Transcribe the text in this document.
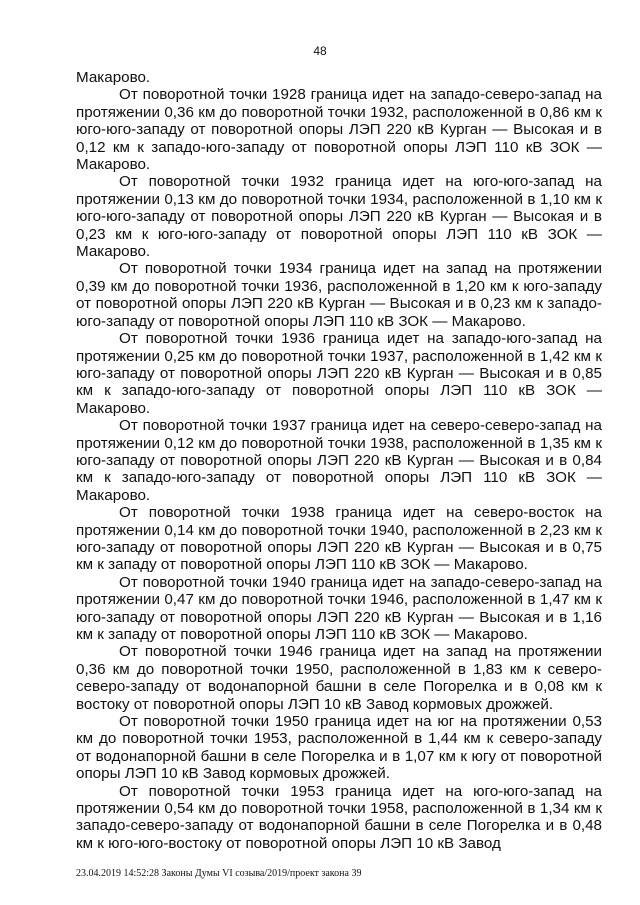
48

Макарово.

От поворотной точки 1928 граница идет на западо-северо-запад на протяжении 0,36 км до поворотной точки 1932, расположенной в 0,86 км к юго-юго-западу от поворотной опоры ЛЭП 220 кВ Курган — Высокая и в 0,12 км к западо-юго-западу от поворотной опоры ЛЭП 110 кВ ЗОК — Макарово.

От поворотной точки 1932 граница идет на юго-юго-запад на протяжении 0,13 км до поворотной точки 1934, расположенной в 1,10 км к юго-юго-западу от поворотной опоры ЛЭП 220 кВ Курган — Высокая и в 0,23 км к юго-юго-западу от поворотной опоры ЛЭП 110 кВ ЗОК — Макарово.

От поворотной точки 1934 граница идет на запад на протяжении 0,39 км до поворотной точки 1936, расположенной в 1,20 км к юго-западу от поворотной опоры ЛЭП 220 кВ Курган — Высокая и в 0,23 км к западо-юго-западу от поворотной опоры ЛЭП 110 кВ ЗОК — Макарово.

От поворотной точки 1936 граница идет на западо-юго-запад на протяжении 0,25 км до поворотной точки 1937, расположенной в 1,42 км к юго-западу от поворотной опоры ЛЭП 220 кВ Курган — Высокая и в 0,85 км к западо-юго-западу от поворотной опоры ЛЭП 110 кВ ЗОК — Макарово.

От поворотной точки 1937 граница идет на северо-северо-запад на протяжении 0,12 км до поворотной точки 1938, расположенной в 1,35 км к юго-западу от поворотной опоры ЛЭП 220 кВ Курган — Высокая и в 0,84 км к западо-юго-западу от поворотной опоры ЛЭП 110 кВ ЗОК — Макарово.

От поворотной точки 1938 граница идет на северо-восток на протяжении 0,14 км до поворотной точки 1940, расположенной в 2,23 км к юго-западу от поворотной опоры ЛЭП 220 кВ Курган — Высокая и в 0,75 км к западу от поворотной опоры ЛЭП 110 кВ ЗОК — Макарово.

От поворотной точки 1940 граница идет на западо-северо-запад на протяжении 0,47 км до поворотной точки 1946, расположенной в 1,47 км к юго-западу от поворотной опоры ЛЭП 220 кВ Курган — Высокая и в 1,16 км к западу от поворотной опоры ЛЭП 110 кВ ЗОК — Макарово.

От поворотной точки 1946 граница идет на запад на протяжении 0,36 км до поворотной точки 1950, расположенной в 1,83 км к северо-северо-западу от водонапорной башни в селе Погорелка и в 0,08 км к востоку от поворотной опоры ЛЭП 10 кВ Завод кормовых дрожжей.

От поворотной точки 1950 граница идет на юг на протяжении 0,53 км до поворотной точки 1953, расположенной в 1,44 км к северо-западу от водонапорной башни в селе Погорелка и в 1,07 км к югу от поворотной опоры ЛЭП 10 кВ Завод кормовых дрожжей.

От поворотной точки 1953 граница идет на юго-юго-запад на протяжении 0,54 км до поворотной точки 1958, расположенной в 1,34 км к западо-северо-западу от водонапорной башни в селе Погорелка и в 0,48 км к юго-юго-востоку от поворотной опоры ЛЭП 10 кВ Завод

23.04.2019 14:52:28 Законы Думы VI созыва/2019/проект закона 39
